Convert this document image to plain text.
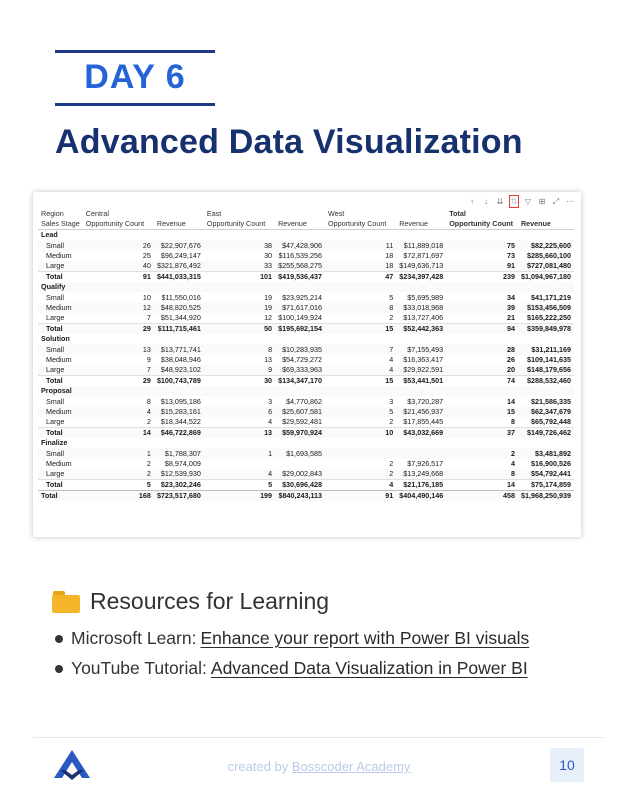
DAY 6
Advanced Data Visualization
↑	↓	⇊ ⇅ ▽ ⊞ ⤢ ⋯
Region	Central		East		West		Total	
Sales Stage	Opportunity Count	Revenue	Opportunity Count	Revenue	Opportunity Count	Revenue	Opportunity Count	Revenue
Lead								
Small	26	$22,907,676	38	$47,428,906	11	$11,889,018	75	$82,225,600
Medium	25	$96,249,147	30	$116,539,256	18	$72,871,697	73	$285,660,100
Large	40	$321,876,492	33	$255,568,275	18	$149,636,713	91	$727,081,480
Total	91	$441,033,315	101	$419,536,437	47	$234,397,428	239	$1,094,967,180
Qualify								
Small	10	$11,550,016	19	$23,925,214	5	$5,695,989	34	$41,171,219
Medium	12	$48,820,525	19	$71,617,016	8	$33,018,968	39	$153,456,509
Large	7	$51,344,920	12	$100,149,924	2	$13,727,406	21	$165,222,250
Total	29	$111,715,461	50	$195,692,154	15	$52,442,363	94	$359,849,978
Solution								
Small	13	$13,771,741	8	$10,283,935	7	$7,155,493	28	$31,211,169
Medium	9	$38,048,946	13	$54,729,272	4	$16,363,417	26	$109,141,635
Large	7	$48,923,102	9	$69,333,963	4	$29,922,591	20	$148,179,656
Total	29	$100,743,789	30	$134,347,170	15	$53,441,501	74	$288,532,460
Proposal								
Small	8	$13,095,186	3	$4,770,862	3	$3,720,287	14	$21,586,335
Medium	4	$15,283,161	6	$25,607,581	5	$21,456,937	15	$62,347,679
Large	2	$18,344,522	4	$29,592,481	2	$17,855,445	8	$65,792,448
Total	14	$46,722,869	13	$59,970,924	10	$43,032,669	37	$149,726,462
Finalize								
Small	1	$1,788,307	1	$1,693,585			2	$3,481,892
Medium	2	$8,974,009			2	$7,926,517	4	$16,900,526
Large	2	$12,539,930	4	$29,002,843	2	$13,249,668	8	$54,792,441
Total	5	$23,302,246	5	$30,696,428	4	$21,176,185	14	$75,174,859
Total	168	$723,517,680	199	$840,243,113	91	$404,490,146	458	$1,968,250,939
Resources for Learning
Microsoft Learn: Enhance your report with Power BI visuals
YouTube Tutorial: Advanced Data Visualization in Power BI
created by Bosscoder Academy	10
